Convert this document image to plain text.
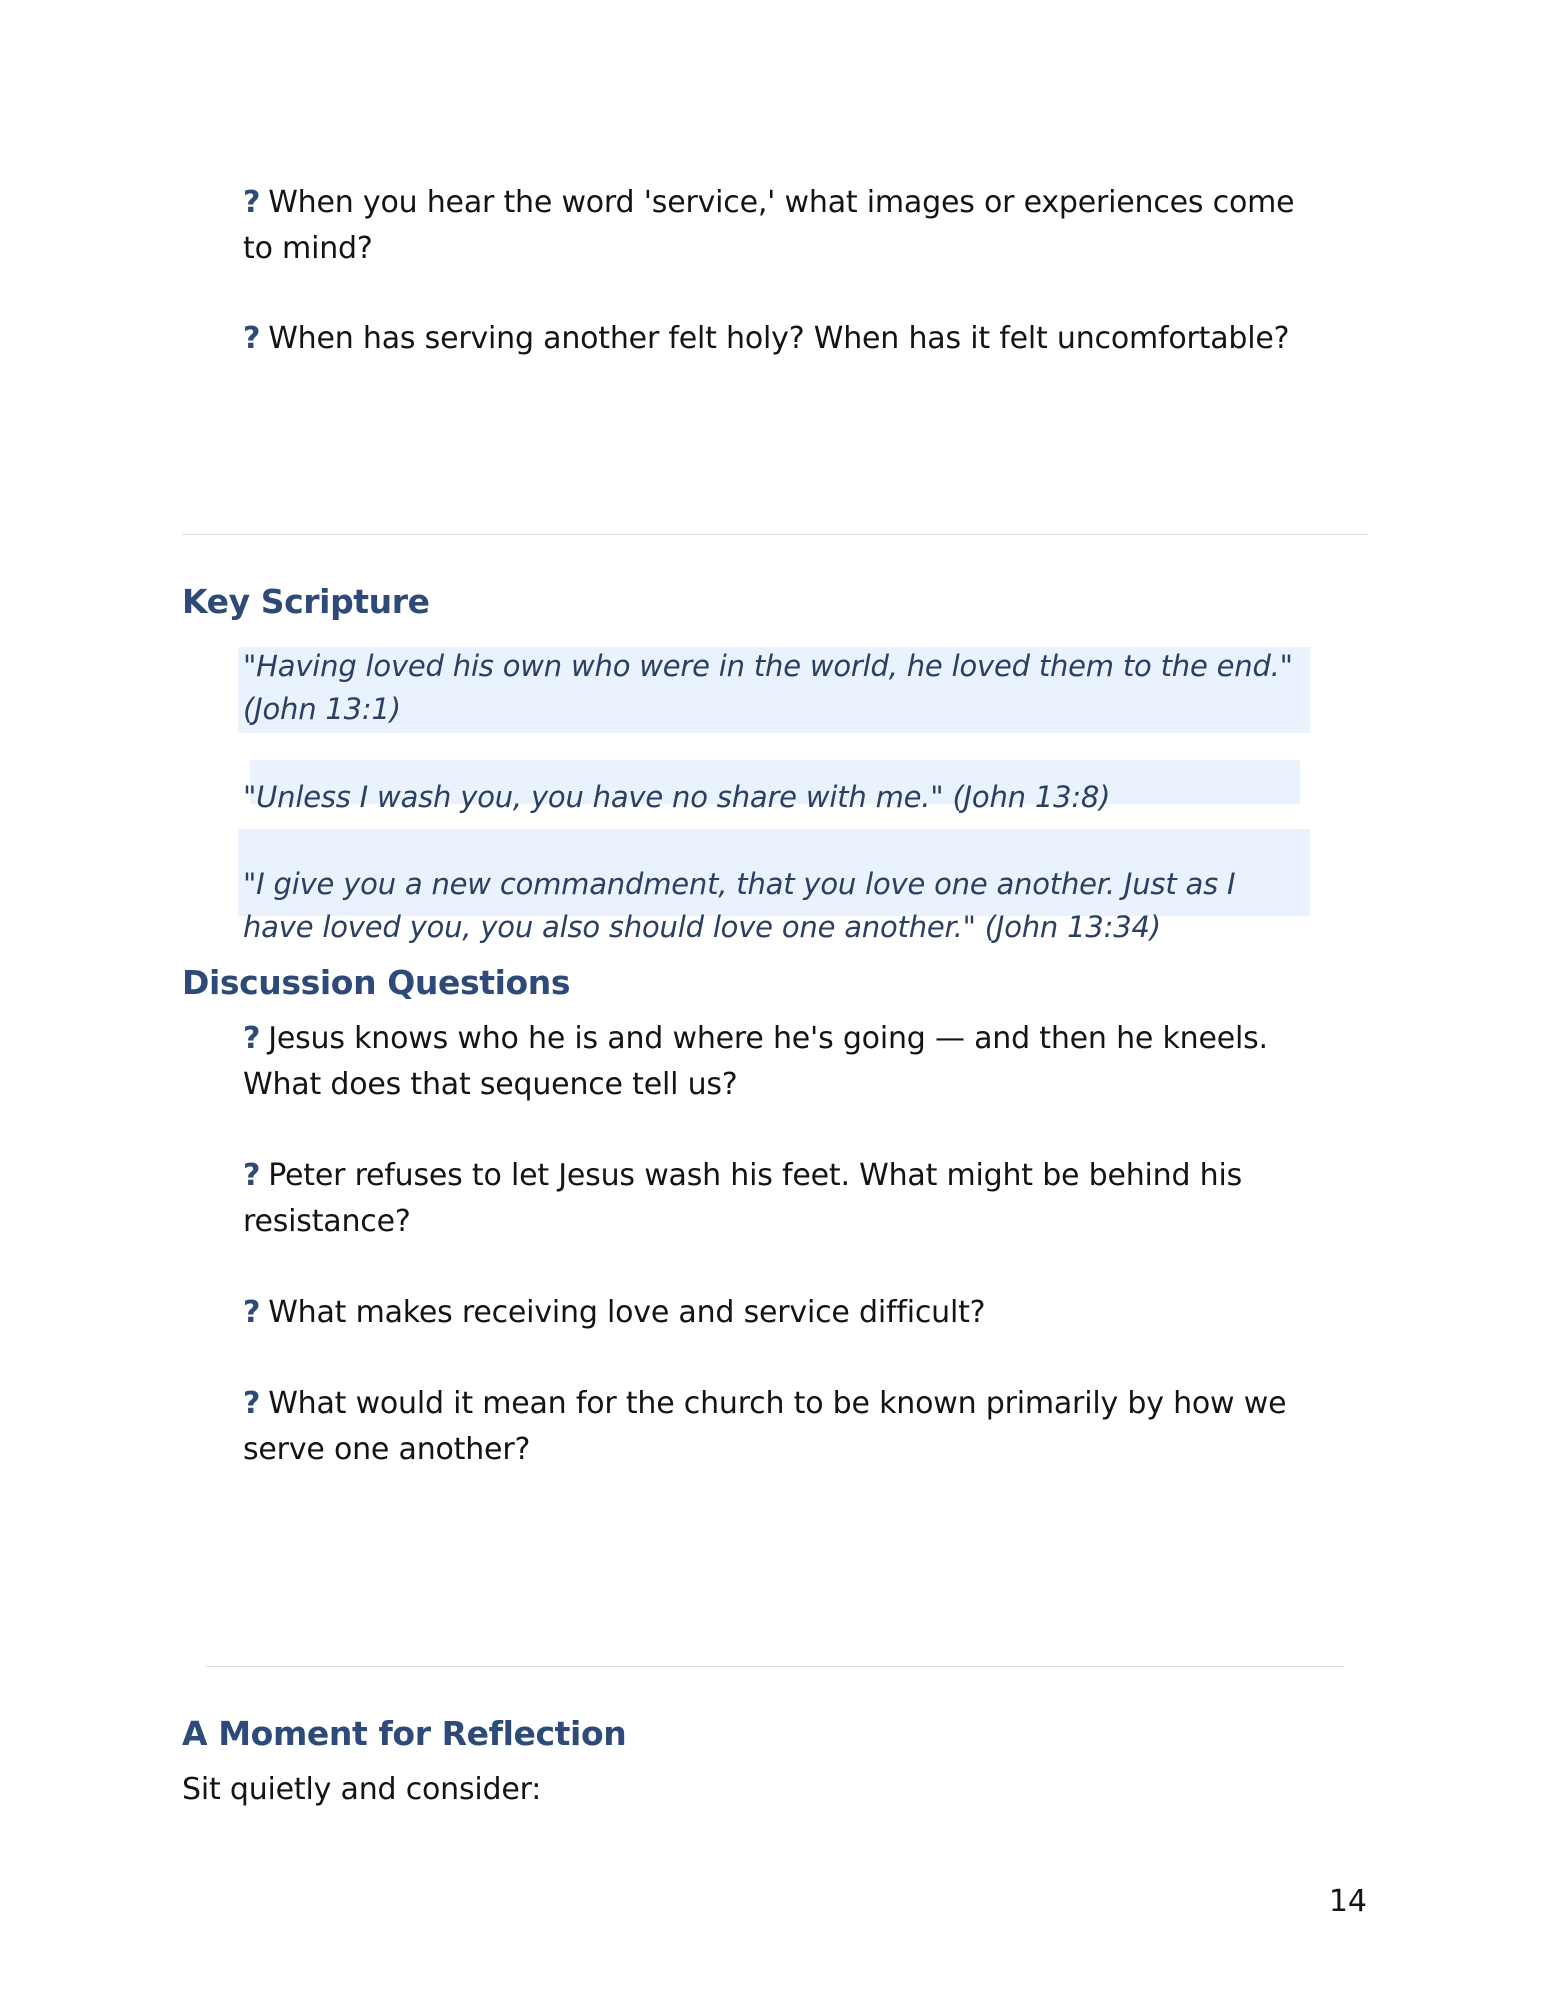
? When you hear the word 'service,' what images or experiences come to mind?
? When has serving another felt holy? When has it felt uncomfortable?
Key Scripture
"Having loved his own who were in the world, he loved them to the end." (John 13:1)
"Unless I wash you, you have no share with me." (John 13:8)
"I give you a new commandment, that you love one another. Just as I have loved you, you also should love one another." (John 13:34)
Discussion Questions
? Jesus knows who he is and where he's going — and then he kneels. What does that sequence tell us?
? Peter refuses to let Jesus wash his feet. What might be behind his resistance?
? What makes receiving love and service difficult?
? What would it mean for the church to be known primarily by how we serve one another?
A Moment for Reflection
Sit quietly and consider:
14
